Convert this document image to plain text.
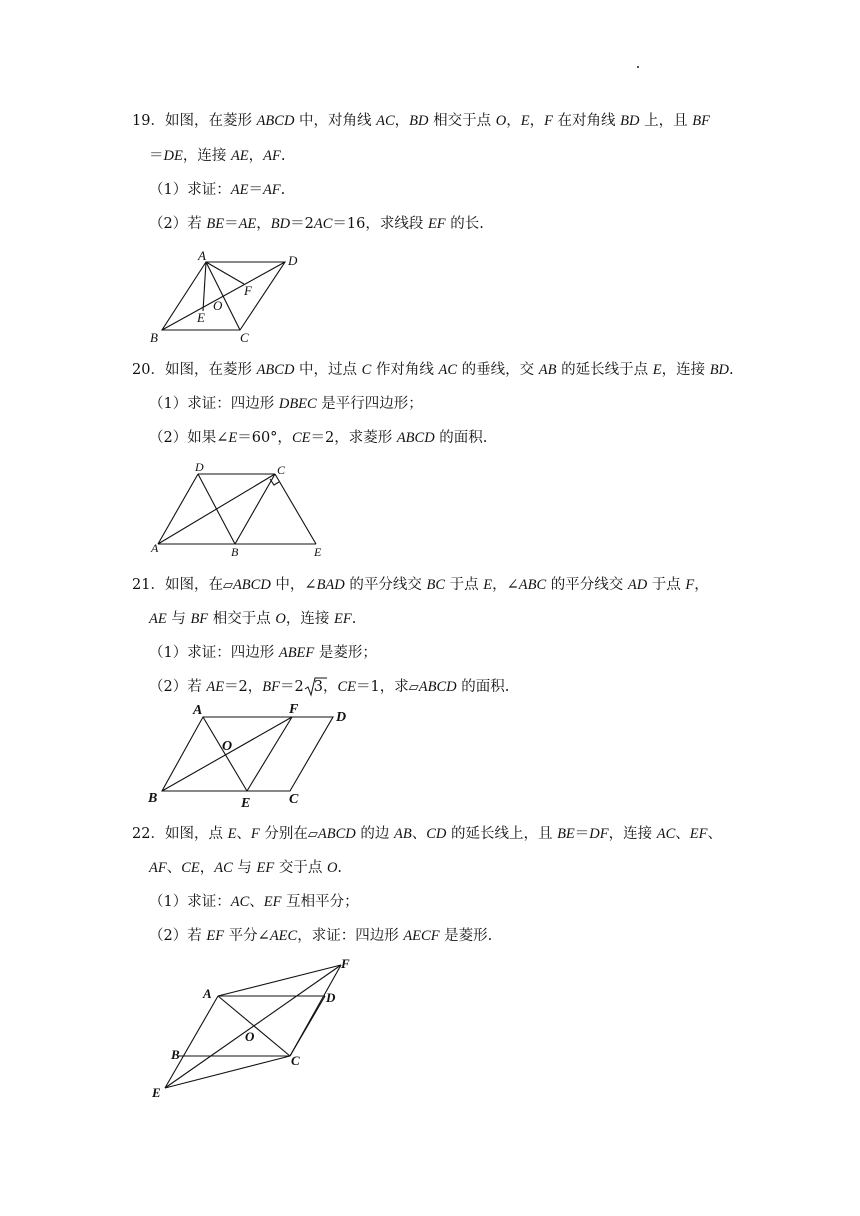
19．如图，在菱形 ABCD 中，对角线 AC，BD 相交于点 O，E，F 在对角线 BD 上，且 BF
＝DE，连接 AE，AF.
（1）求证：AE＝AF.
（2）若 BE＝AE，BD＝2AC＝16，求线段 EF 的长.
A	D
F
O
E
B	C
20．如图，在菱形 ABCD 中，过点 C 作对角线 AC 的垂线，交 AB 的延长线于点 E，连接 BD.
（1）求证：四边形 DBEC 是平行四边形；
（2）如果∠E＝60°，CE＝2，求菱形 ABCD 的面积.
D	C
A	B	E
21．如图，在▱ABCD 中，∠BAD 的平分线交 BC 于点 E，∠ABC 的平分线交 AD 于点 F，
AE 与 BF 相交于点 O，连接 EF.
（1）求证：四边形 ABEF 是菱形；
（2）若 AE＝2，BF＝2 3，CE＝1，求▱ABCD 的面积.
A	F
D
O
B	E	C
22．如图，点 E、F 分别在▱ABCD 的边 AB、CD 的延长线上，且 BE＝DF，连接 AC、EF、
AF、CE，AC 与 EF 交于点 O.
（1）求证：AC、EF 互相平分；
（2）若 EF 平分∠AEC，求证：四边形 AECF 是菱形.
F
A	D
O
B	C
E
